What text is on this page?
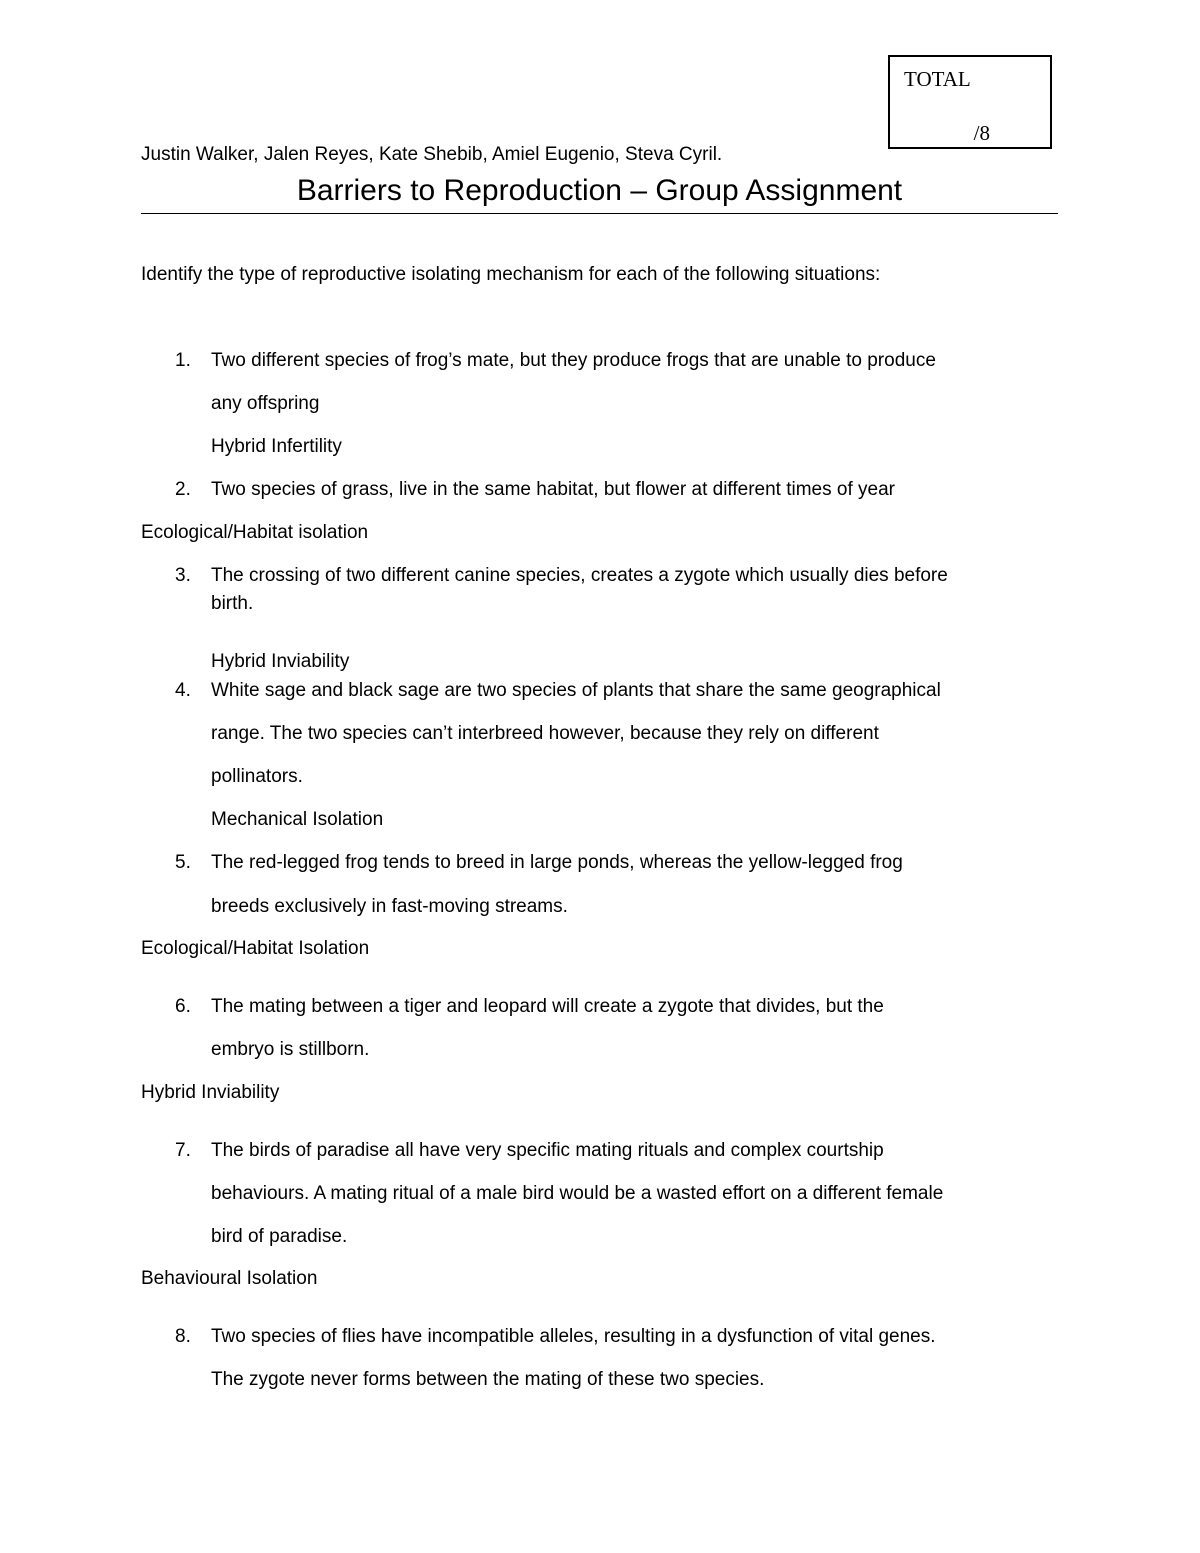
TOTAL
/8
Justin Walker, Jalen Reyes, Kate Shebib, Amiel Eugenio, Steva Cyril.
Barriers to Reproduction – Group Assignment
Identify the type of reproductive isolating mechanism for each of the following situations:
1. Two different species of frog’s mate, but they produce frogs that are unable to produce
any offspring
Hybrid Infertility
2. Two species of grass, live in the same habitat, but flower at different times of year
Ecological/Habitat isolation
3. The crossing of two different canine species, creates a zygote which usually dies before
birth.
Hybrid Inviability
4. White sage and black sage are two species of plants that share the same geographical
range. The two species can’t interbreed however, because they rely on different
pollinators.
Mechanical Isolation
5. The red-legged frog tends to breed in large ponds, whereas the yellow-legged frog
breeds exclusively in fast-moving streams.
Ecological/Habitat Isolation
6. The mating between a tiger and leopard will create a zygote that divides, but the
embryo is stillborn.
Hybrid Inviability
7. The birds of paradise all have very specific mating rituals and complex courtship
behaviours. A mating ritual of a male bird would be a wasted effort on a different female
bird of paradise.
Behavioural Isolation
8. Two species of flies have incompatible alleles, resulting in a dysfunction of vital genes.
The zygote never forms between the mating of these two species.
